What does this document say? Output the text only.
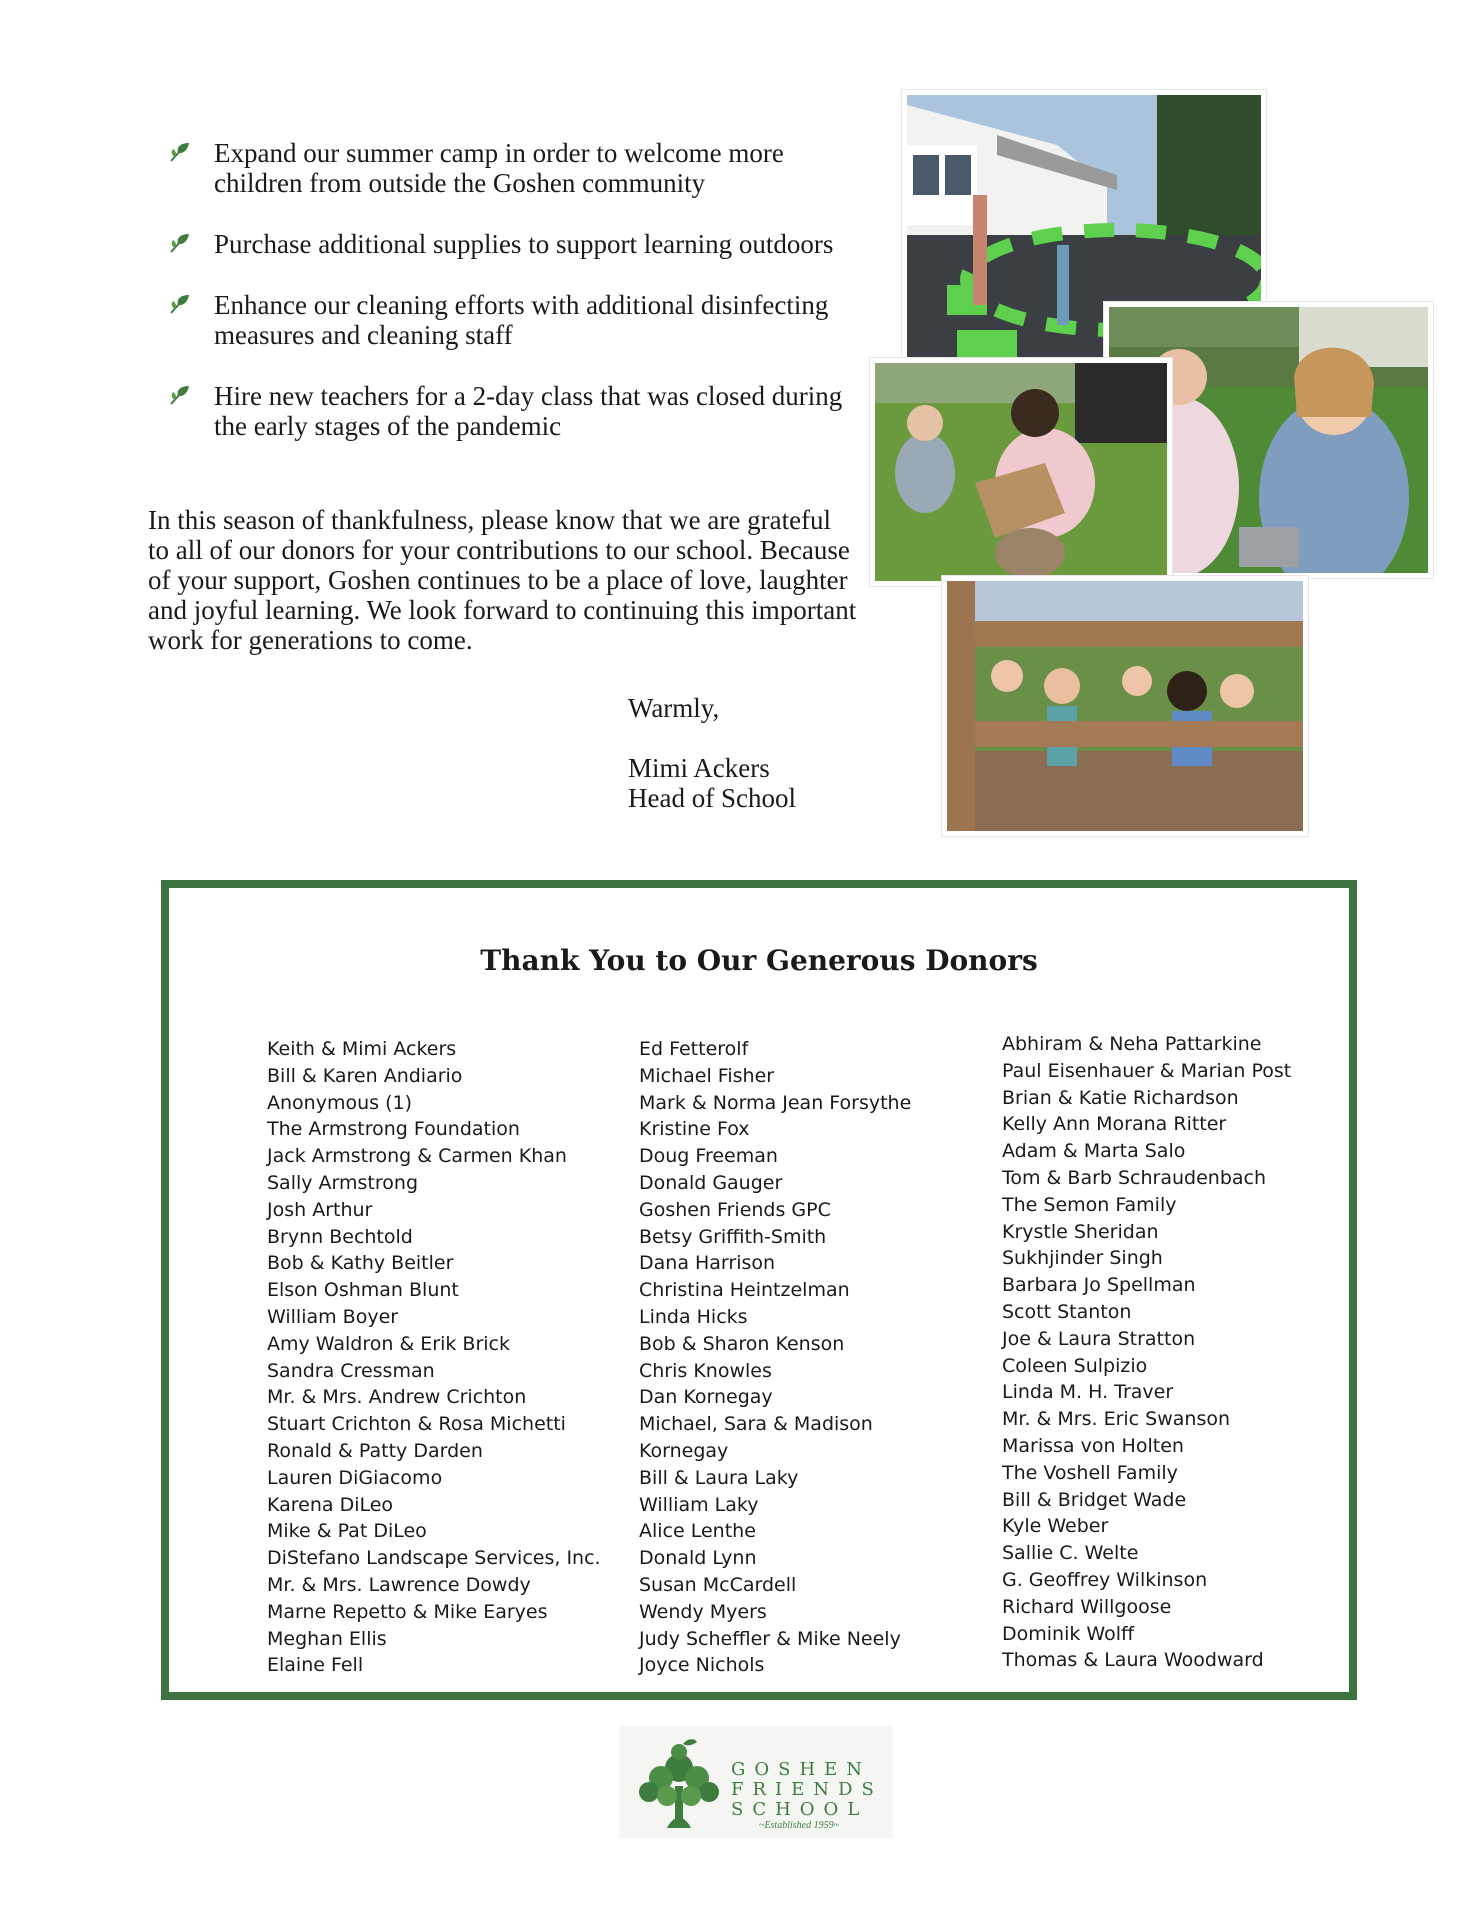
Expand our summer camp in order to welcome more children from outside the Goshen community
Purchase additional supplies to support learning outdoors
Enhance our cleaning efforts with additional disinfecting measures and cleaning staff
Hire new teachers for a 2-day class that was closed during the early stages of the pandemic

In this season of thankfulness, please know that we are grateful to all of our donors for your contributions to our school. Because of your support, Goshen continues to be a place of love, laughter and joyful learning. We look forward to continuing this important work for generations to come.

Warmly,
Mimi Ackers
Head of School
Thank You to Our Generous Donors
Keith & Mimi Ackers
Bill & Karen Andiario
Anonymous (1)
The Armstrong Foundation
Jack Armstrong & Carmen Khan
Sally Armstrong
Josh Arthur
Brynn Bechtold
Bob & Kathy Beitler
Elson Oshman Blunt
William Boyer
Amy Waldron & Erik Brick
Sandra Cressman
Mr. & Mrs. Andrew Crichton
Stuart Crichton & Rosa Michetti
Ronald & Patty Darden
Lauren DiGiacomo
Karena DiLeo
Mike & Pat DiLeo
DiStefano Landscape Services, Inc.
Mr. & Mrs. Lawrence Dowdy
Marne Repetto & Mike Earyes
Meghan Ellis
Elaine Fell
Ed Fetterolf
Michael Fisher
Mark & Norma Jean Forsythe
Kristine Fox
Doug Freeman
Donald Gauger
Goshen Friends GPC
Betsy Griffith-Smith
Dana Harrison
Christina Heintzelman
Linda Hicks
Bob & Sharon Kenson
Chris Knowles
Dan Kornegay
Michael, Sara & Madison
Kornegay
Bill & Laura Laky
William Laky
Alice Lenthe
Donald Lynn
Susan McCardell
Wendy Myers
Judy Scheffler & Mike Neely
Joyce Nichols
Abhiram & Neha Pattarkine
Paul Eisenhauer & Marian Post
Brian & Katie Richardson
Kelly Ann Morana Ritter
Adam & Marta Salo
Tom & Barb Schraudenbach
The Semon Family
Krystle Sheridan
Sukhjinder Singh
Barbara Jo Spellman
Scott Stanton
Joe & Laura Stratton
Coleen Sulpizio
Linda M. H. Traver
Mr. & Mrs. Eric Swanson
Marissa von Holten
The Voshell Family
Bill & Bridget Wade
Kyle Weber
Sallie C. Welte
G. Geoffrey Wilkinson
Richard Willgoose
Dominik Wolff
Thomas & Laura Woodward
GOSHEN
FRIENDS
SCHOOL
~Established 1959~
